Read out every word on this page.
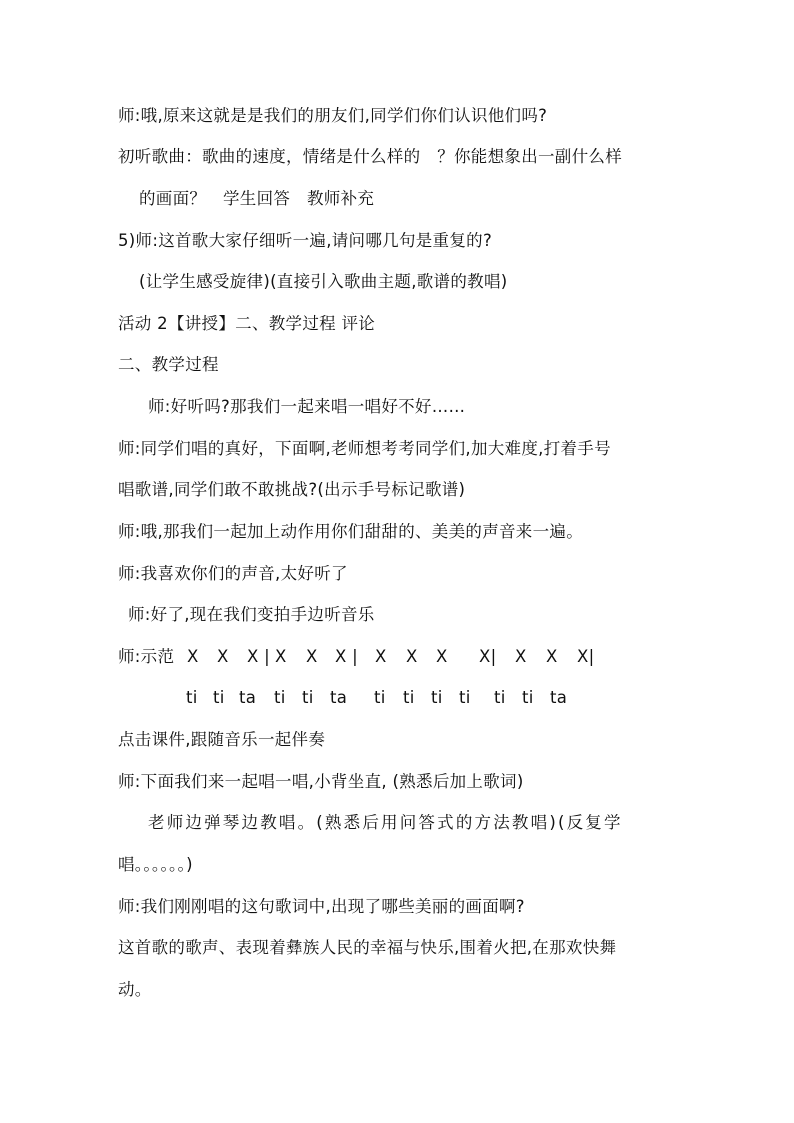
师:哦,原来这就是是我们的朋友们,同学们你们认识他们吗?
初听歌曲：歌曲的速度，情绪是什么样的　？你能想象出一副什么样
的画面？　学生回答　教师补充
5)师:这首歌大家仔细听一遍,请问哪几句是重复的?
(让学生感受旋律)(直接引入歌曲主题,歌谱的教唱)
活动 2【讲授】二、教学过程 评论
二、教学过程
师:好听吗?那我们一起来唱一唱好不好……
师:同学们唱的真好，下面啊,老师想考考同学们,加大难度,打着手号
唱歌谱,同学们敢不敢挑战?(出示手号标记歌谱)
师:哦,那我们一起加上动作用你们甜甜的、美美的声音来一遍。
师:我喜欢你们的声音,太好听了
师:好了,现在我们变拍手边听音乐
师:示范 X X X | X X X | X X X X| X X X|
ti ti ta ti ti ta ti ti ti ti ti ti ta
点击课件,跟随音乐一起伴奏
师:下面我们来一起唱一唱,小背坐直, (熟悉后加上歌词)
老师边弹琴边教唱。(熟悉后用问答式的方法教唱)(反复学
唱。。。。。。)
师:我们刚刚唱的这句歌词中,出现了哪些美丽的画面啊?
这首歌的歌声、表现着彝族人民的幸福与快乐,围着火把,在那欢快舞
动。
